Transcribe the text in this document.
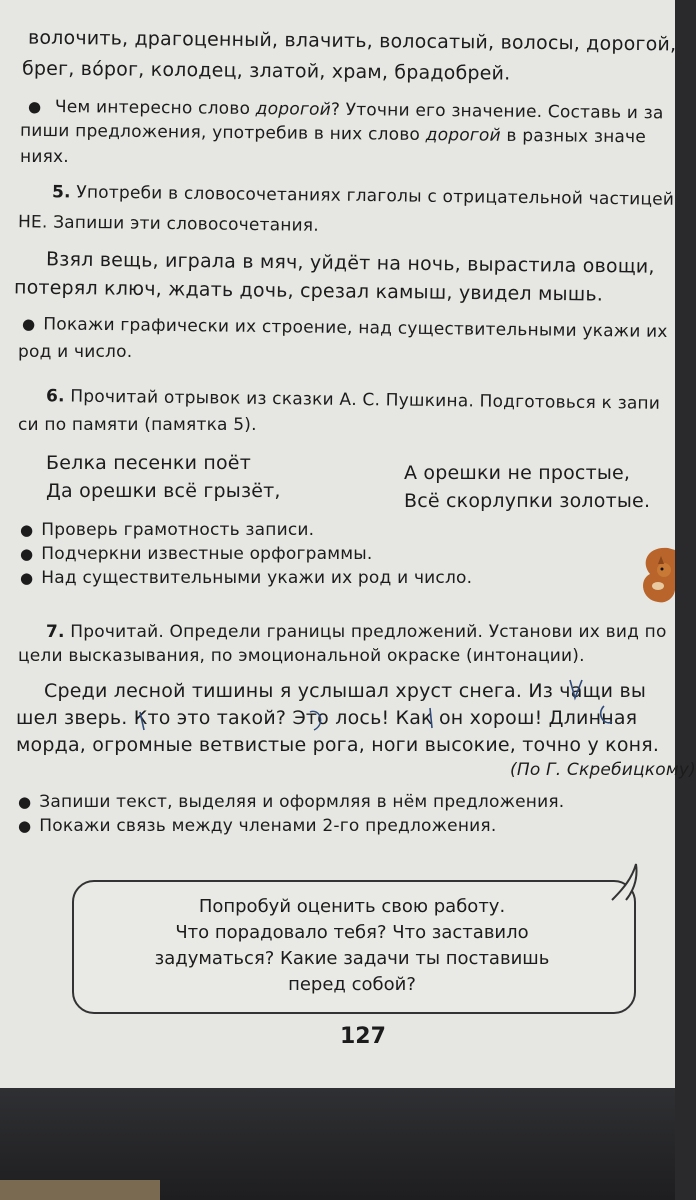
волочить, драгоценный, влачить, волосатый, волосы, дорогой,
брег, во́рог, колодец, златой, храм, брадобрей.
● Чем интересно слово дорогой? Уточни его значение. Составь и за
пиши предложения, употребив в них слово дорогой в разных значе
ниях.
5. Употреби в словосочетаниях глаголы с отрицательной частицей
НЕ. Запиши эти словосочетания.
Взял вещь, играла в мяч, уйдёт на ночь, вырастила овощи,
потерял ключ, ждать дочь, срезал камыш, увидел мышь.
● Покажи графически их строение, над существительными укажи их
род и число.
6. Прочитай отрывок из сказки А. С. Пушкина. Подготовься к запи
си по памяти (памятка 5).
Белка песенки поёт
Да орешки всё грызёт,
А орешки не простые,
Всё скорлупки золотые.
● Проверь грамотность записи.
● Подчеркни известные орфограммы.
● Над существительными укажи их род и число.
7. Прочитай. Определи границы предложений. Установи их вид по
цели высказывания, по эмоциональной окраске (интонации).
Среди лесной тишины я услышал хруст снега. Из чащи вы
шел зверь. Кто это такой? Это лось! Как он хорош! Длинная
морда, огромные ветвистые рога, ноги высокие, точно у коня.
(По Г. Скребицкому)
● Запиши текст, выделяя и оформляя в нём предложения.
● Покажи связь между членами 2-го предложения.
Попробуй оценить свою работу.
Что порадовало тебя? Что заставило
задуматься? Какие задачи ты поставишь
перед собой?
127
